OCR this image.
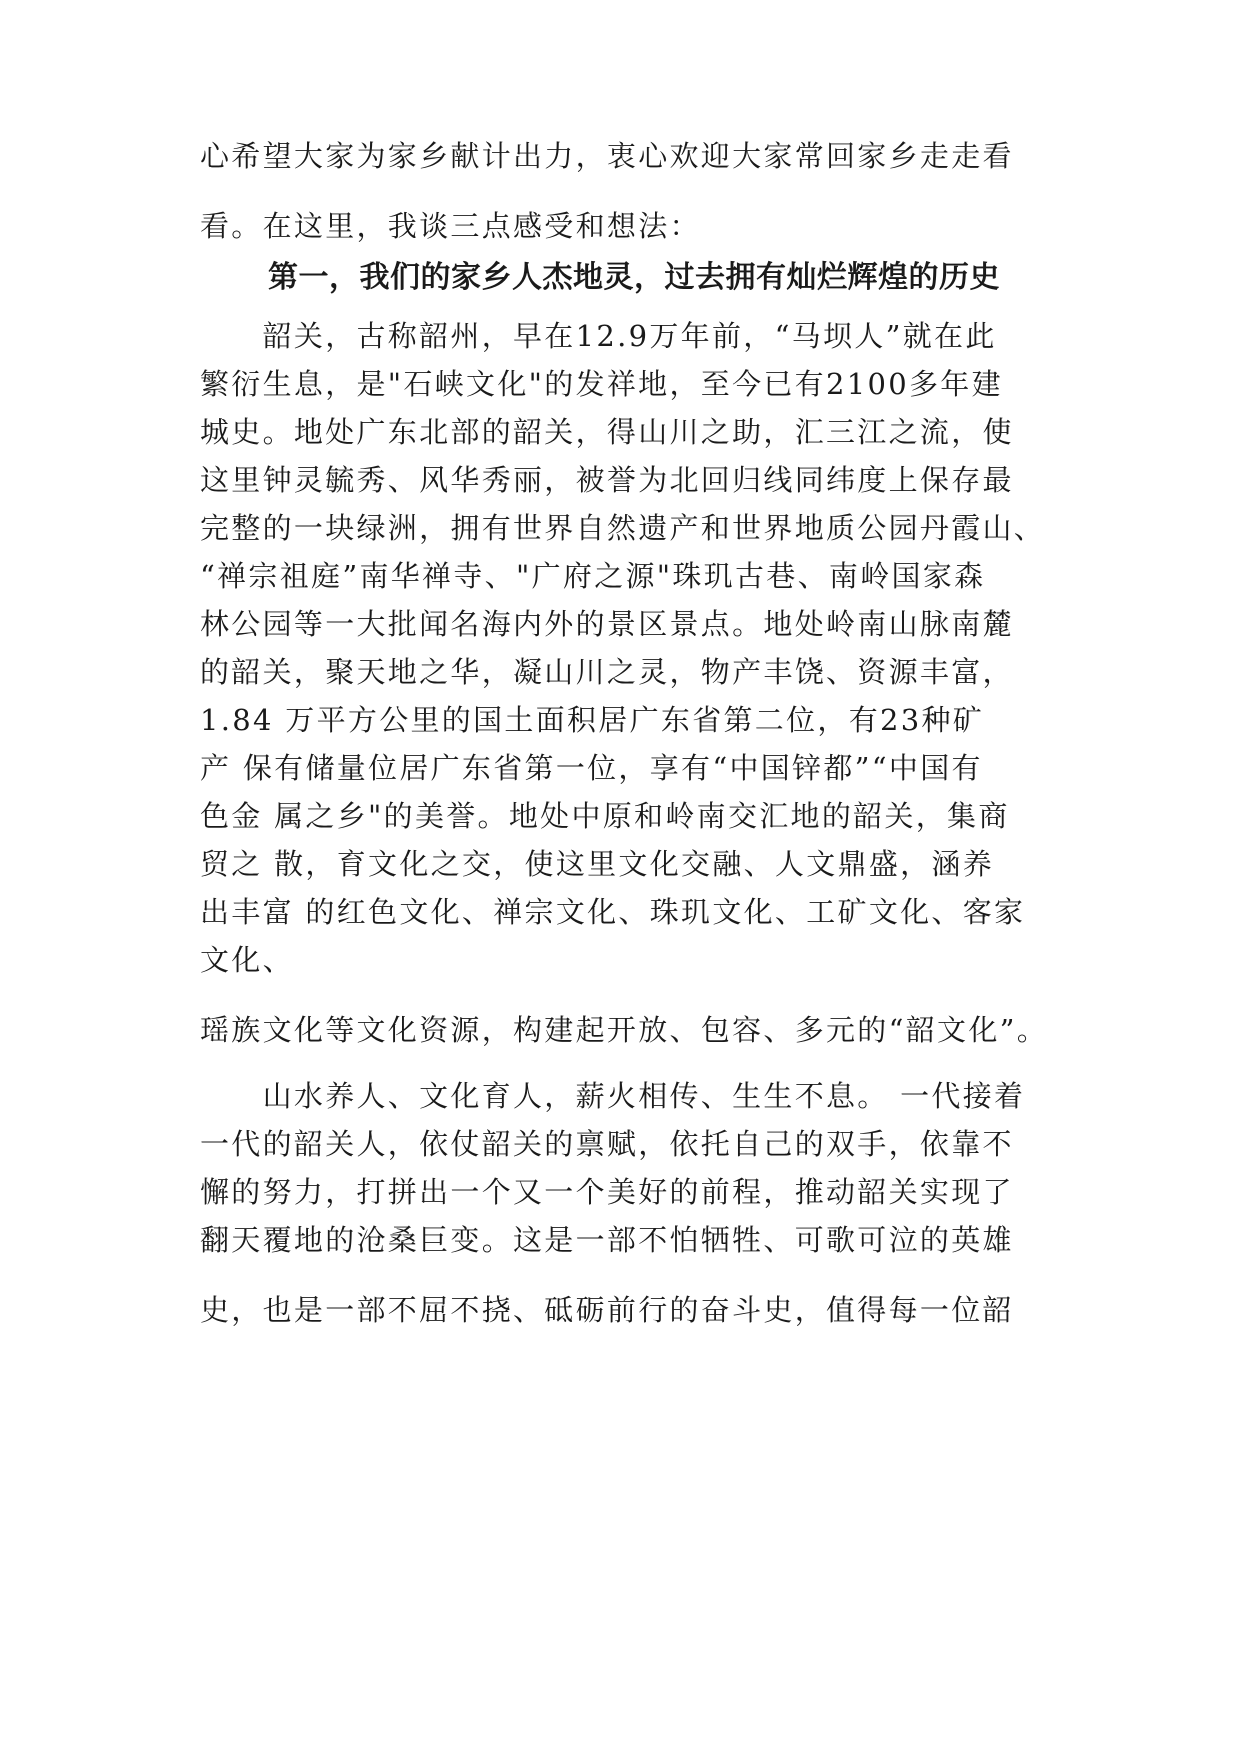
心希望大家为家乡献计出力，衷心欢迎大家常回家乡走走看
看。在这里，我谈三点感受和想法：
第一，我们的家乡人杰地灵，过去拥有灿烂辉煌的历史
　　韶关，古称韶州，早在12.9万年前，“马坝人”就在此
繁衍生息，是"石峡文化"的发祥地，至今已有2100多年建
城史。地处广东北部的韶关，得山川之助，汇三江之流，使
这里钟灵毓秀、风华秀丽，被誉为北回归线同纬度上保存最
完整的一块绿洲，拥有世界自然遗产和世界地质公园丹霞山、
“禅宗祖庭”南华禅寺、"广府之源"珠玑古巷、南岭国家森
林公园等一大批闻名海内外的景区景点。地处岭南山脉南麓
的韶关，聚天地之华，凝山川之灵，物产丰饶、资源丰富，
1.84 万平方公里的国土面积居广东省第二位，有23种矿
产 保有储量位居广东省第一位，享有“中国锌都”“中国有
色金 属之乡"的美誉。地处中原和岭南交汇地的韶关，集商
贸之 散，育文化之交，使这里文化交融、人文鼎盛，涵养
出丰富 的红色文化、禅宗文化、珠玑文化、工矿文化、客家
文化、
瑶族文化等文化资源，构建起开放、包容、多元的“韶文化”。
　　山水养人、文化育人，薪火相传、生生不息。 一代接着
一代的韶关人，依仗韶关的禀赋，依托自己的双手，依靠不
懈的努力，打拼出一个又一个美好的前程，推动韶关实现了
翻天覆地的沧桑巨变。这是一部不怕牺牲、可歌可泣的英雄
史，也是一部不屈不挠、砥砺前行的奋斗史，值得每一位韶
